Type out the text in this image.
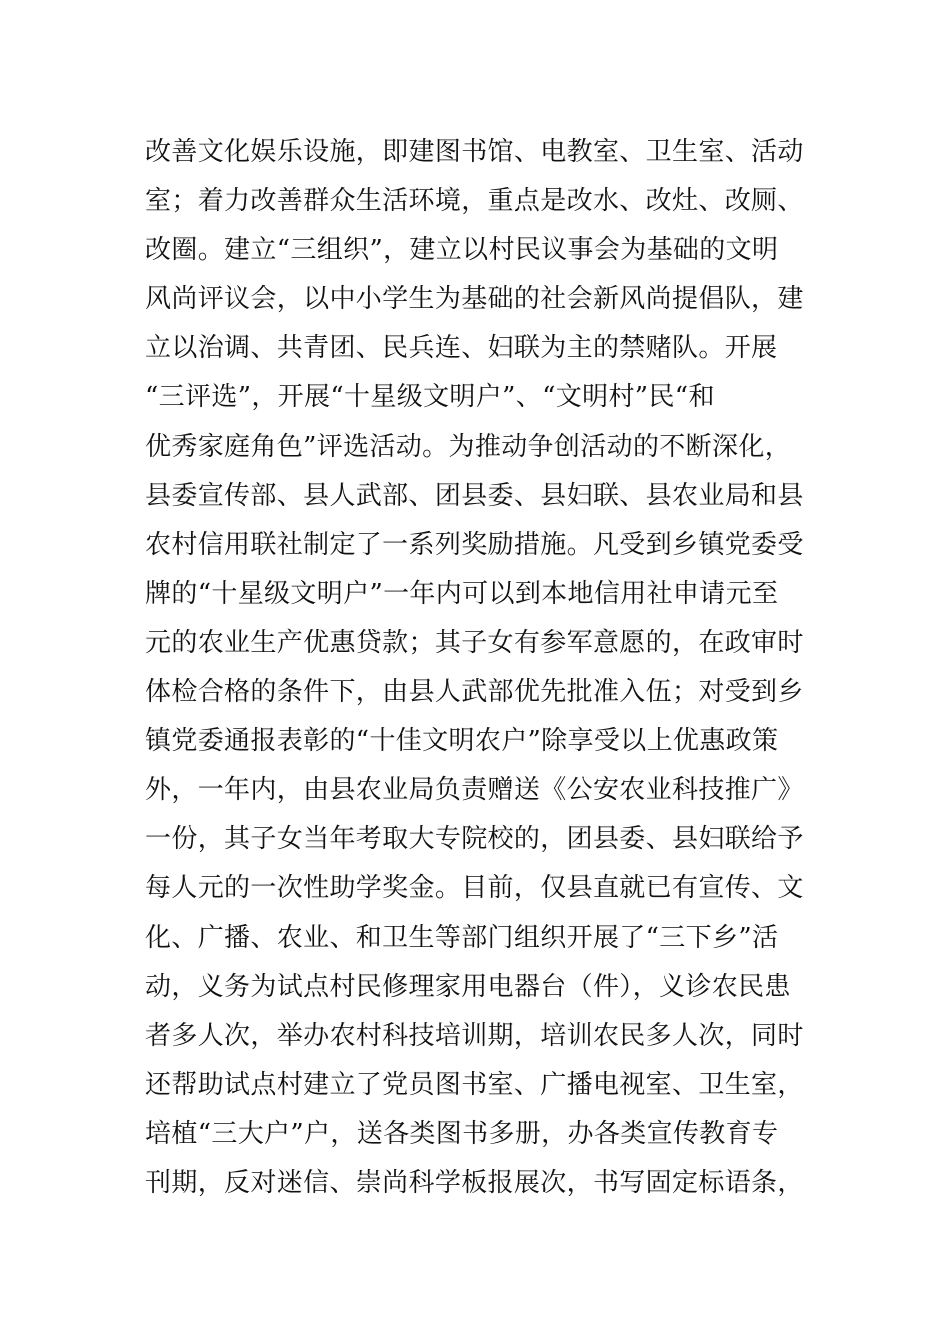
改善文化娱乐设施，即建图书馆、电教室、卫生室、活动
室；着力改善群众生活环境，重点是改水、改灶、改厕、
改圈。建立“三组织”，建立以村民议事会为基础的文明
风尚评议会，以中小学生为基础的社会新风尚提倡队，建
立以治调、共青团、民兵连、妇联为主的禁赌队。开展
“三评选”，开展“十星级文明户”、“文明村”民“和
优秀家庭角色”评选活动。为推动争创活动的不断深化，
县委宣传部、县人武部、团县委、县妇联、县农业局和县
农村信用联社制定了一系列奖励措施。凡受到乡镇党委受
牌的“十星级文明户”一年内可以到本地信用社申请元至
元的农业生产优惠贷款；其子女有参军意愿的，在政审时
体检合格的条件下，由县人武部优先批准入伍；对受到乡
镇党委通报表彰的“十佳文明农户”除享受以上优惠政策
外，一年内，由县农业局负责赠送《公安农业科技推广》
一份，其子女当年考取大专院校的，团县委、县妇联给予
每人元的一次性助学奖金。目前，仅县直就已有宣传、文
化、广播、农业、和卫生等部门组织开展了“三下乡”活
动，义务为试点村民修理家用电器台（件），义诊农民患
者多人次，举办农村科技培训期，培训农民多人次，同时
还帮助试点村建立了党员图书室、广播电视室、卫生室，
培植“三大户”户，送各类图书多册，办各类宣传教育专
刊期，反对迷信、崇尚科学板报展次，书写固定标语条，
